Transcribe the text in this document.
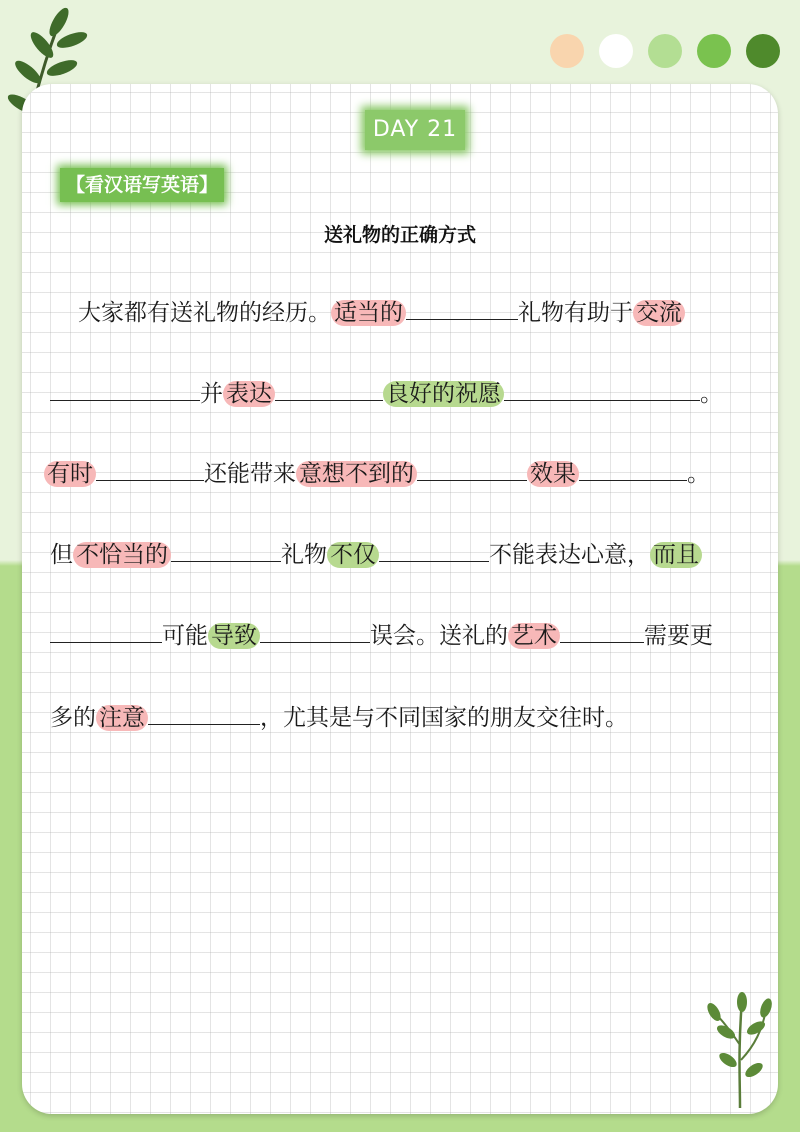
DAY 21
【看汉语写英语】
送礼物的正确方式
大家都有送礼物的经历。 适当的	礼物有助于 交流
并 表达	良好的祝愿	。
有时	还能带来 意想不到的	效果	。
但 不恰当的	礼物 不仅	不能表达心意， 而且
可能 导致	误会。送礼的 艺术	需要更
多的 注意	，尤其是与不同国家的朋友交往时。
